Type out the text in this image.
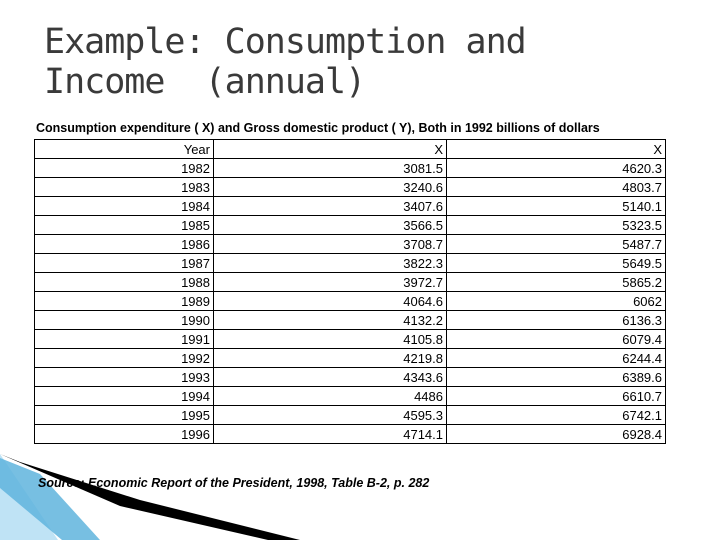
Example: Consumption and
Income  (annual)
Consumption expenditure ( X) and Gross domestic product ( Y), Both in 1992 billions of dollars
Year	X	X
1982	3081.5	4620.3
1983	3240.6	4803.7
1984	3407.6	5140.1
1985	3566.5	5323.5
1986	3708.7	5487.7
1987	3822.3	5649.5
1988	3972.7	5865.2
1989	4064.6	6062
1990	4132.2	6136.3
1991	4105.8	6079.4
1992	4219.8	6244.4
1993	4343.6	6389.6
1994	4486	6610.7
1995	4595.3	6742.1
1996	4714.1	6928.4
Source: Economic Report of the President, 1998, Table B-2, p. 282
